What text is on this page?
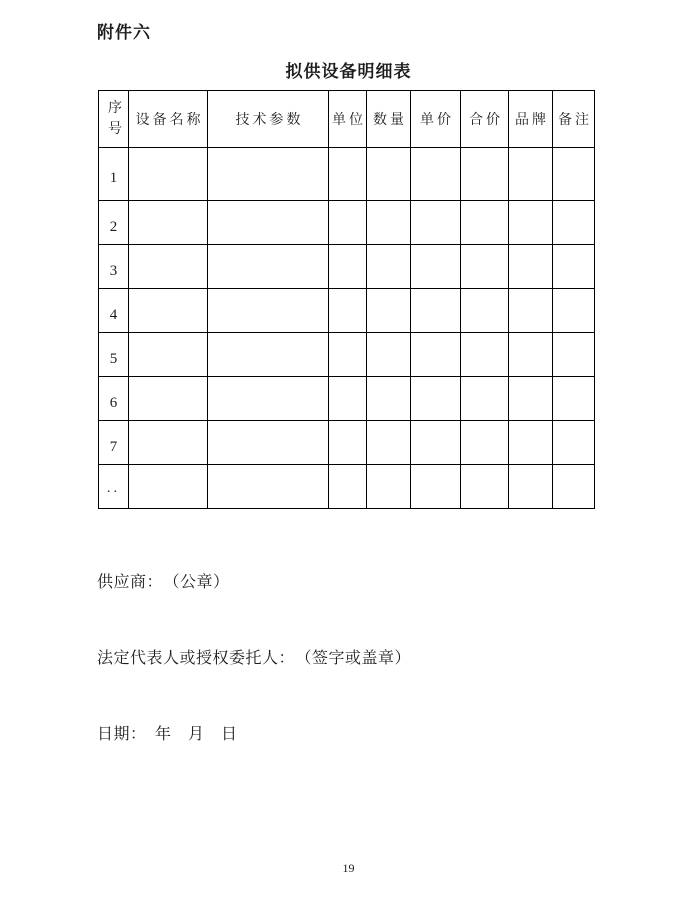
附件六
拟供设备明细表
序号	设备名称	技术参数	单位	数量	单价	合价	品牌	备注
1								
2								
3								
4								
5								
6								
7								
..								
供应商：　（公章）
法定代表人或授权委托人：　（签字或盖章）
日期：　年　月　日
19
